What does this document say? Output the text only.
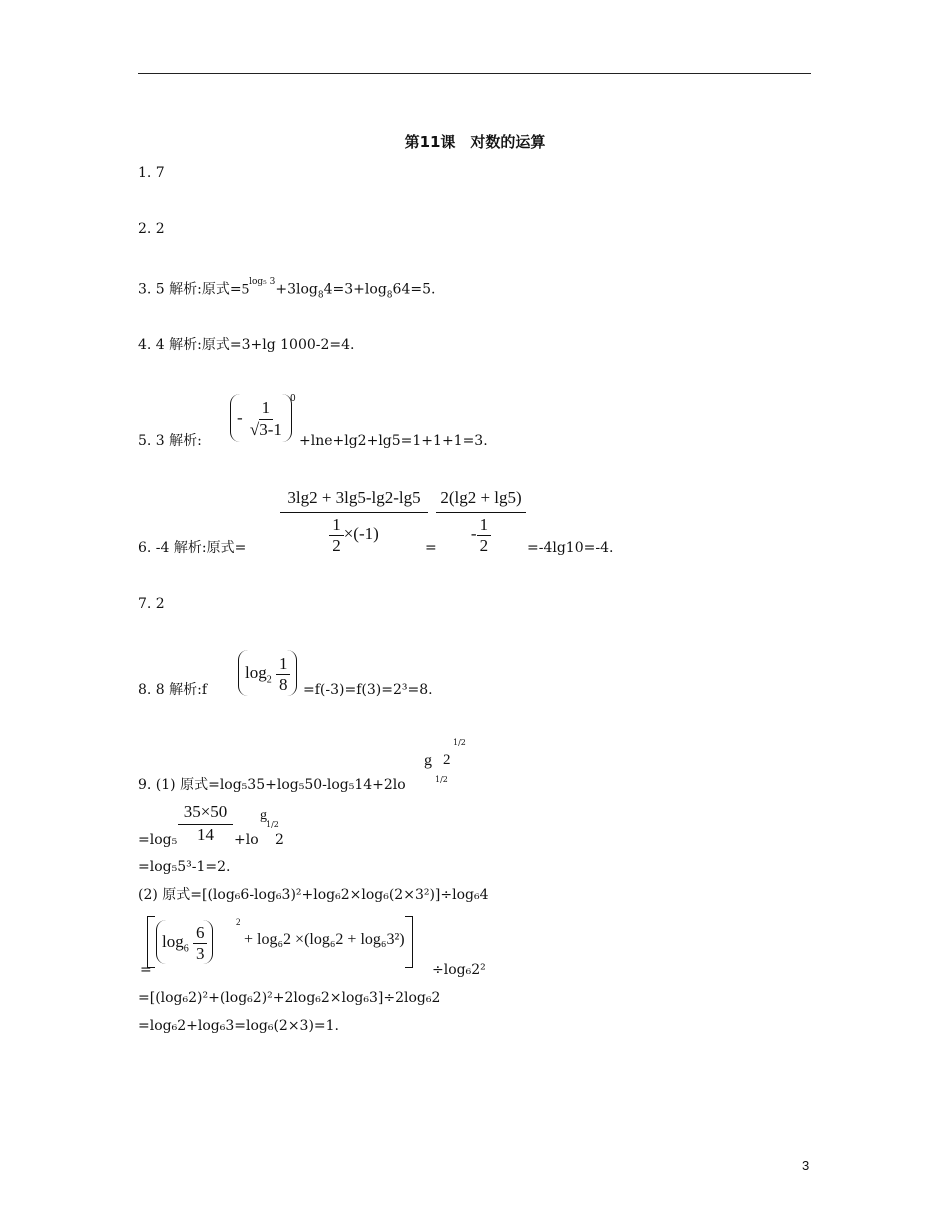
第11课　对数的运算
1. 7
2. 2
3. 5 解析:原式$=5^{log_5 3}+3\log_84=3+\log_864=5$.
4. 4 解析:原式=3+lg 1000-2=4.
5. 3 解析:
- $\frac{1}{√3-1} 0$
+lne+lg2+lg5=1+1+1=3.
6. -4 解析:原式= $\frac{3\lg 2 + 3\lg 5-\lg 2-\lg 5}{\frac{1}{2} \times(-1)}$
= $\frac{2(\lg 2 + \lg 5)}{- \frac{1}{2}} =-4\lg 10=-4$.
7. 2
8. 8 解析:f
$\log_2 \frac{1}{8} =f(-3)=f(3)=2^3=8$.
9. (1) 原式=log₅35+log₅50-log₅14+2lo
g
1/2
2
1/2
$=\log_5 \frac{35\times 50}{14} +lo$
g
1/2
2
=log₅5³-1=2.
(2) 原式=[(log₆6-log₆3)²+log₆2×log₆(2×3²)]÷log₆4
$\log_6 \frac{6}{3}$
2
+ log₆2 ×(log₆2 + log₆3²)
=	÷log₆2²
=[(log₆2)²+(log₆2)²+2log₆2×log₆3]÷2log₆2
=log₆2+log₆3=log₆(2×3)=1.
3
